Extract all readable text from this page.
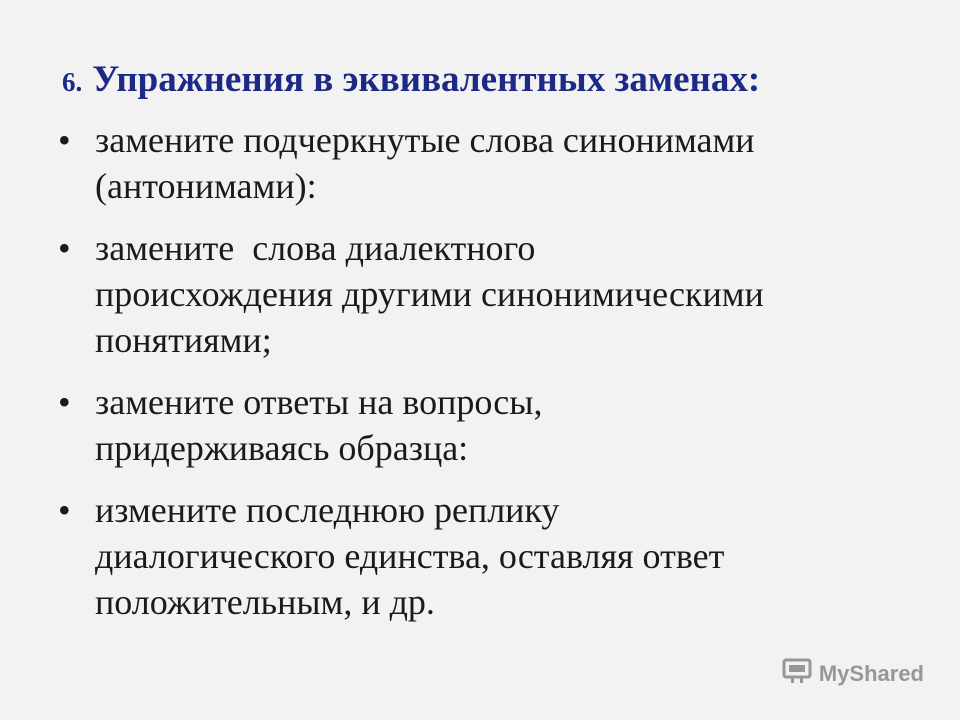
6. Упражнения в эквивалентных заменах:
• замените подчеркнутые слова синонимами
(антонимами):
• замените  слова диалектного
происхождения другими синонимическими
понятиями;
• замените ответы на вопросы,
придерживаясь образца:
• измените последнюю реплику
диалогического единства, оставляя ответ
положительным, и др.
MyShared
